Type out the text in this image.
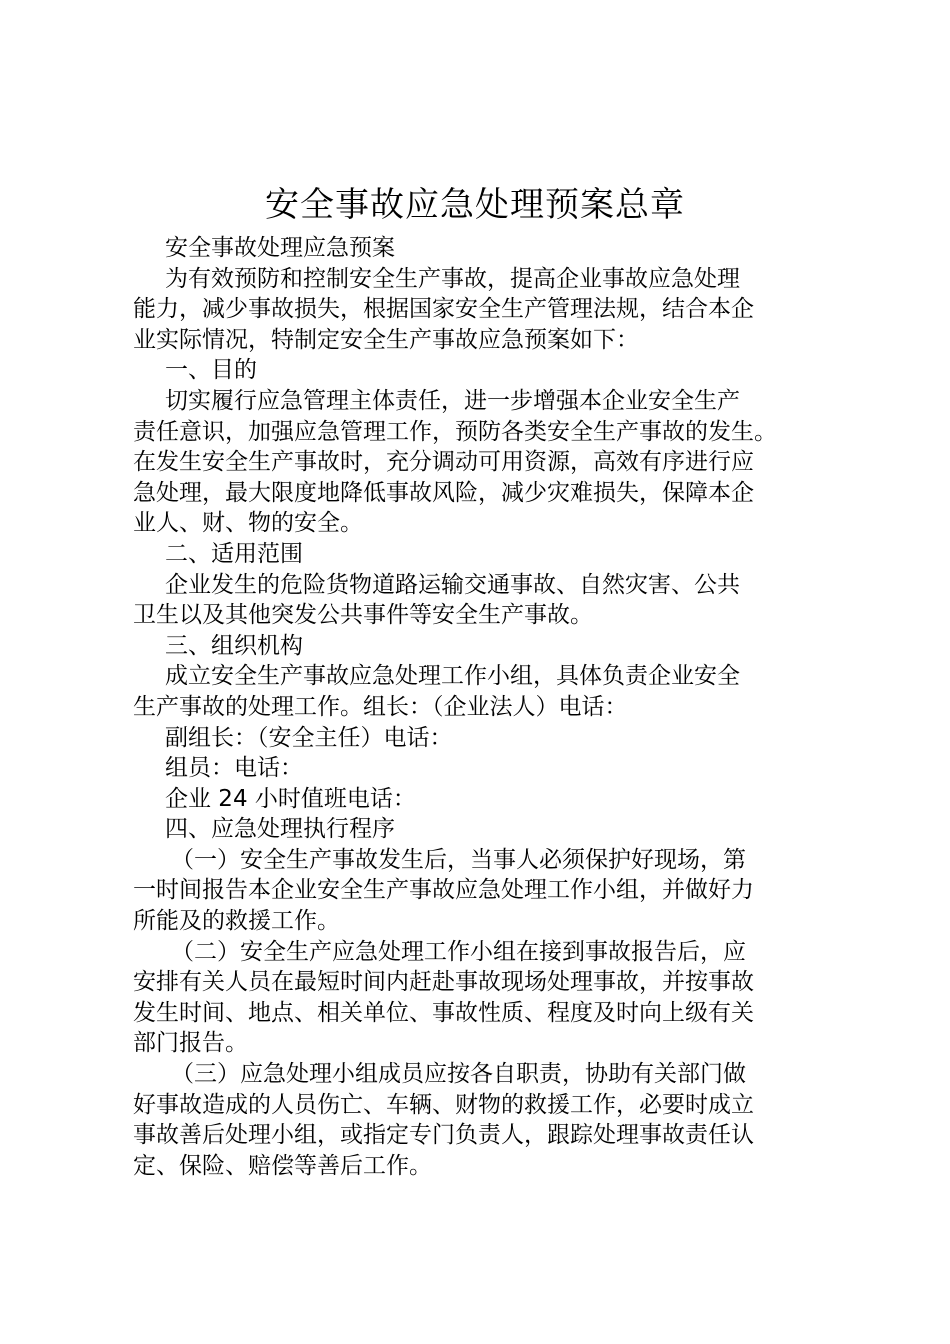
安全事故应急处理预案总章
安全事故处理应急预案
为有效预防和控制安全生产事故，提高企业事故应急处理
能力，减少事故损失，根据国家安全生产管理法规，结合本企
业实际情况，特制定安全生产事故应急预案如下：
一、目的
切实履行应急管理主体责任，进一步增强本企业安全生产
责任意识，加强应急管理工作，预防各类安全生产事故的发生。
在发生安全生产事故时，充分调动可用资源，高效有序进行应
急处理，最大限度地降低事故风险，减少灾难损失，保障本企
业人、财、物的安全。
二、适用范围
企业发生的危险货物道路运输交通事故、自然灾害、公共
卫生以及其他突发公共事件等安全生产事故。
三、组织机构
成立安全生产事故应急处理工作小组，具体负责企业安全
生产事故的处理工作。组长：（企业法人）电话：
副组长：（安全主任）电话：
组员：电话：
企业 24 小时值班电话：
四、应急处理执行程序
（一）安全生产事故发生后，当事人必须保护好现场，第
一时间报告本企业安全生产事故应急处理工作小组，并做好力
所能及的救援工作。
（二）安全生产应急处理工作小组在接到事故报告后，应
安排有关人员在最短时间内赶赴事故现场处理事故，并按事故
发生时间、地点、相关单位、事故性质、程度及时向上级有关
部门报告。
（三）应急处理小组成员应按各自职责，协助有关部门做
好事故造成的人员伤亡、车辆、财物的救援工作，必要时成立
事故善后处理小组，或指定专门负责人，跟踪处理事故责任认
定、保险、赔偿等善后工作。
